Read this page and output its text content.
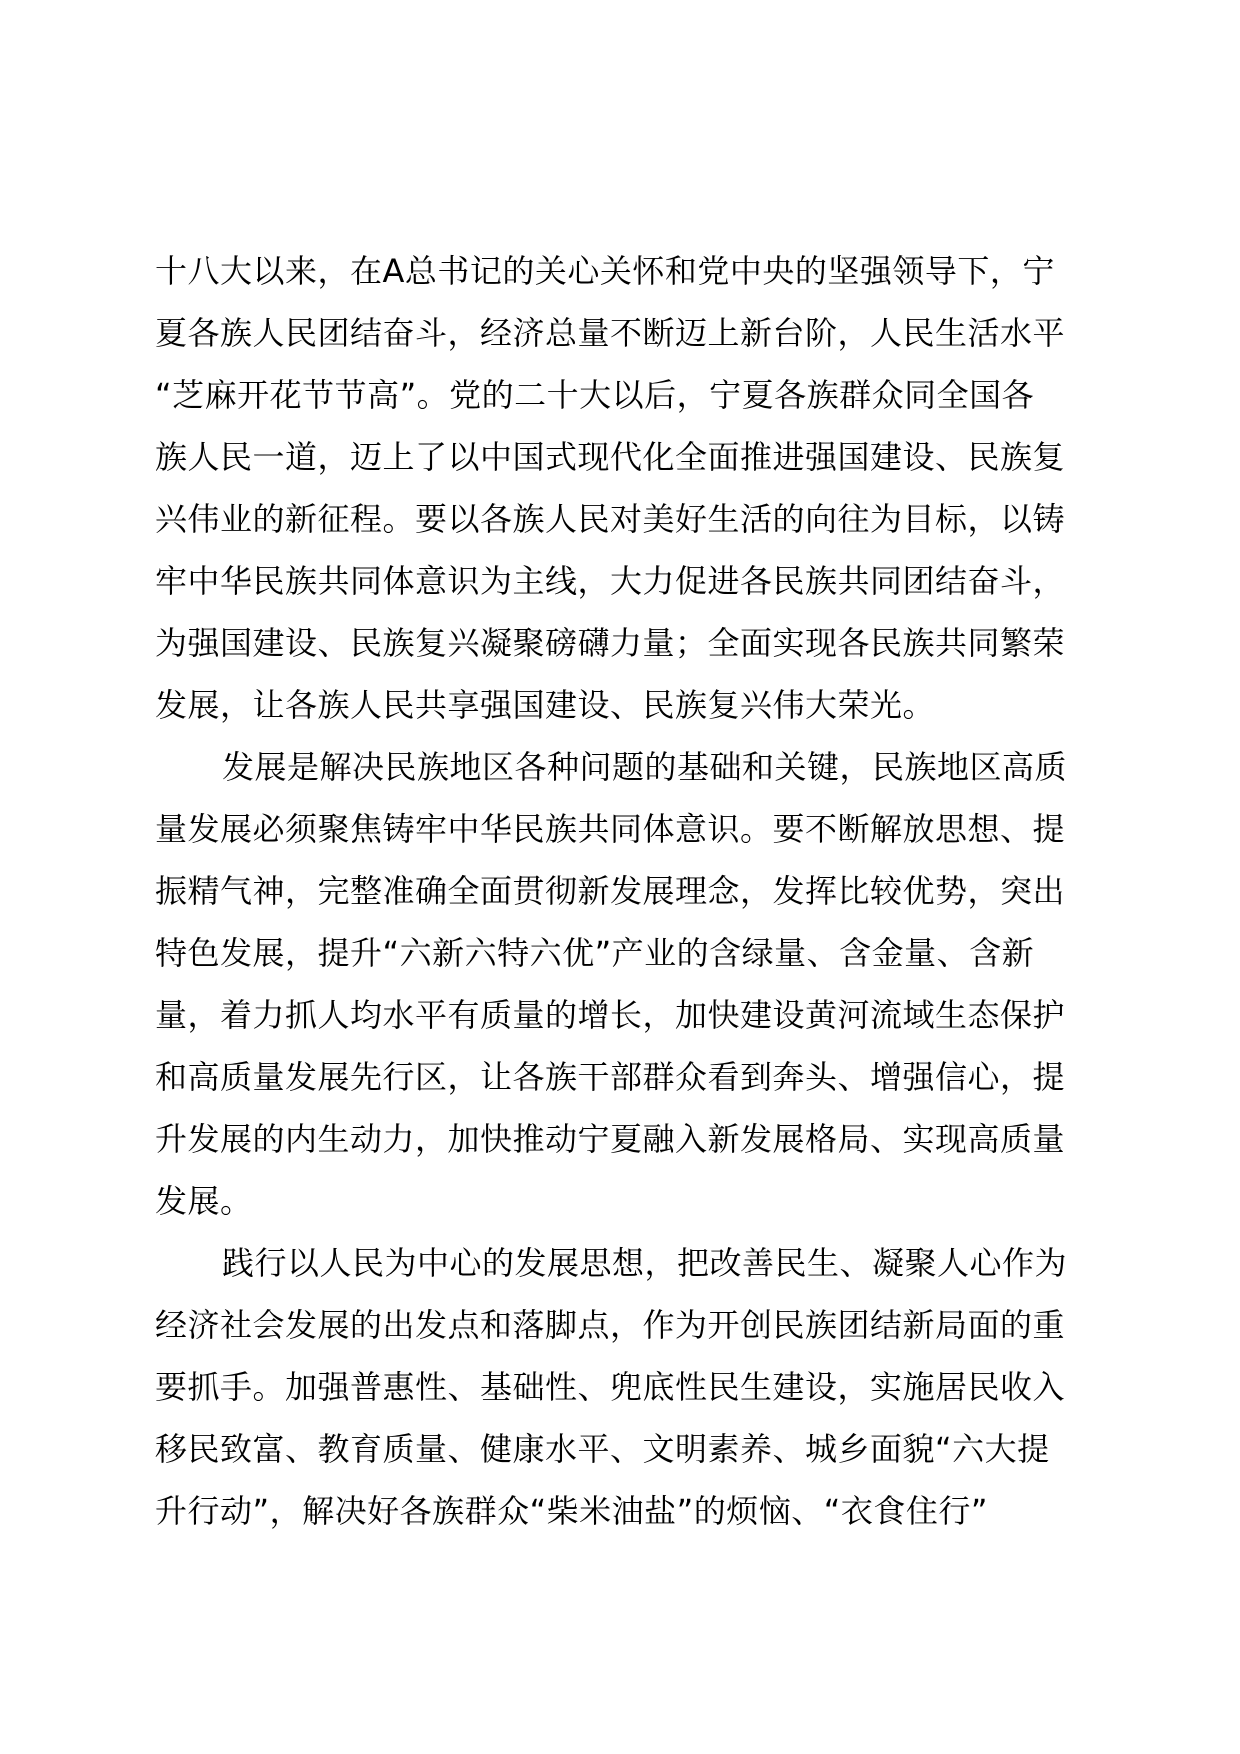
十八大以来，在A总书记的关心关怀和党中央的坚强领导下，宁
夏各族人民团结奋斗，经济总量不断迈上新台阶，人民生活水平
“芝麻开花节节高”。党的二十大以后，宁夏各族群众同全国各
族人民一道，迈上了以中国式现代化全面推进强国建设、民族复
兴伟业的新征程。要以各族人民对美好生活的向往为目标，以铸
牢中华民族共同体意识为主线，大力促进各民族共同团结奋斗，
为强国建设、民族复兴凝聚磅礴力量；全面实现各民族共同繁荣
发展，让各族人民共享强国建设、民族复兴伟大荣光。
发展是解决民族地区各种问题的基础和关键，民族地区高质
量发展必须聚焦铸牢中华民族共同体意识。要不断解放思想、提
振精气神，完整准确全面贯彻新发展理念，发挥比较优势，突出
特色发展，提升“六新六特六优”产业的含绿量、含金量、含新
量，着力抓人均水平有质量的增长，加快建设黄河流域生态保护
和高质量发展先行区，让各族干部群众看到奔头、增强信心，提
升发展的内生动力，加快推动宁夏融入新发展格局、实现高质量
发展。
践行以人民为中心的发展思想，把改善民生、凝聚人心作为
经济社会发展的出发点和落脚点，作为开创民族团结新局面的重
要抓手。加强普惠性、基础性、兜底性民生建设，实施居民收入
移民致富、教育质量、健康水平、文明素养、城乡面貌“六大提
升行动”，解决好各族群众“柴米油盐”的烦恼、“衣食住行”
